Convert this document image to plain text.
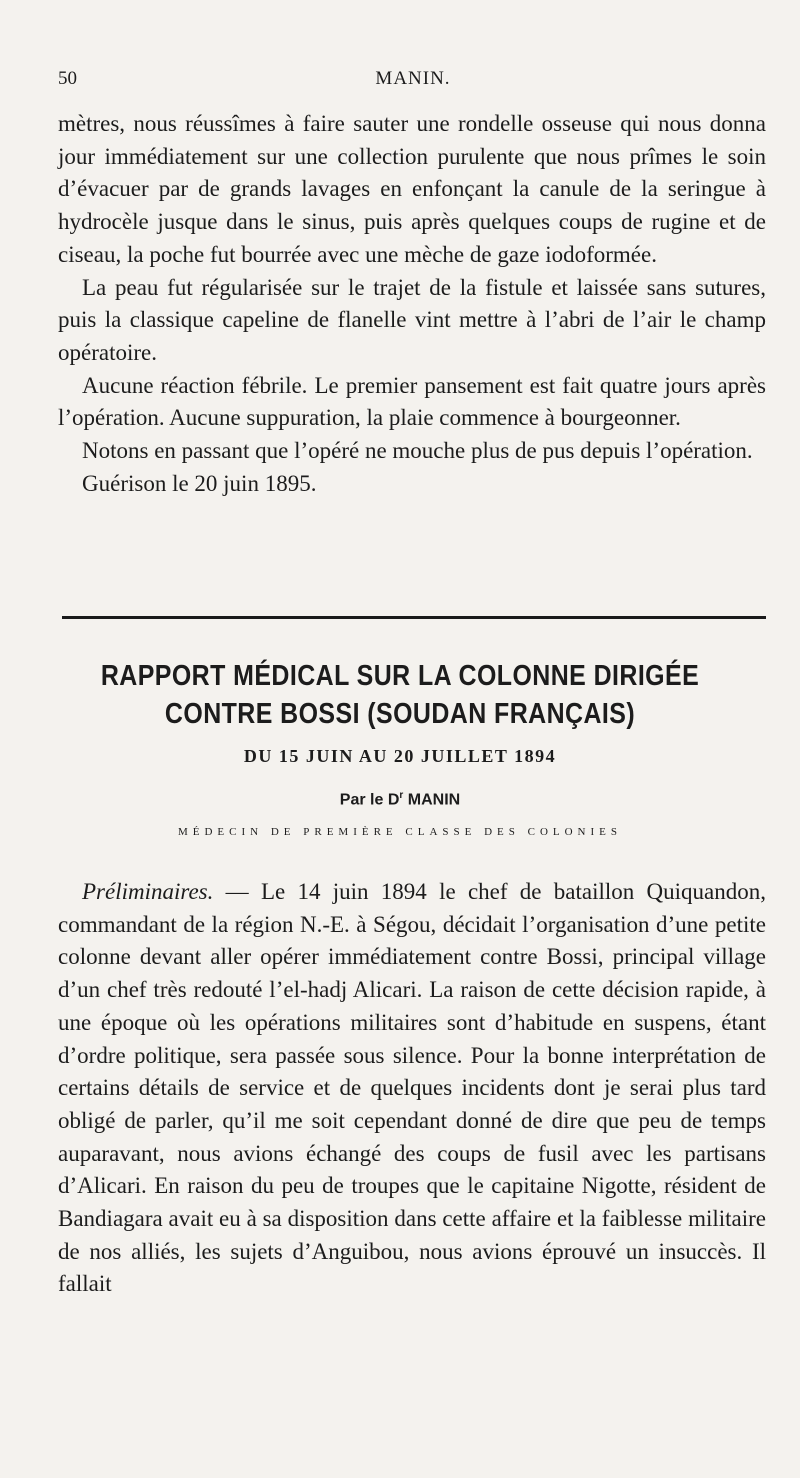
50	MANIN.

mètres, nous réussîmes à faire sauter une rondelle osseuse qui nous donna jour immédiatement sur une collection purulente que nous prîmes le soin d’évacuer par de grands lavages en enfonçant la canule de la seringue à hydrocèle jusque dans le sinus, puis après quelques coups de rugine et de ciseau, la poche fut bourrée avec une mèche de gaze iodoformée.

La peau fut régularisée sur le trajet de la fistule et laissée sans sutures, puis la classique capeline de flanelle vint mettre à l’abri de l’air le champ opératoire.

Aucune réaction fébrile. Le premier pansement est fait quatre jours après l’opération. Aucune suppuration, la plaie commence à bourgeonner.

Notons en passant que l’opéré ne mouche plus de pus depuis l’opération.

Guérison le 20 juin 1895.

RAPPORT MÉDICAL SUR LA COLONNE DIRIGÉE
CONTRE BOSSI (SOUDAN FRANÇAIS)
DU 15 JUIN AU 20 JUILLET 1894
Par le $D^r$ MANIN
MÉDECIN DE PREMIÈRE CLASSE DES COLONIES

Préliminaires. — Le 14 juin 1894 le chef de bataillon Quiquandon, commandant de la région N.-E. à Ségou, décidait l’organisation d’une petite colonne devant aller opérer immédiatement contre Bossi, principal village d’un chef très redouté l’el-hadj Alicari. La raison de cette décision rapide, à une époque où les opérations militaires sont d’habitude en suspens, étant d’ordre politique, sera passée sous silence. Pour la bonne interprétation de certains détails de service et de quelques incidents dont je serai plus tard obligé de parler, qu’il me soit cependant donné de dire que peu de temps auparavant, nous avions échangé des coups de fusil avec les partisans d’Alicari. En raison du peu de troupes que le capitaine Nigotte, résident de Bandiagara avait eu à sa disposition dans cette affaire et la faiblesse militaire de nos alliés, les sujets d’Anguibou, nous avions éprouvé un insuccès. Il fallait
